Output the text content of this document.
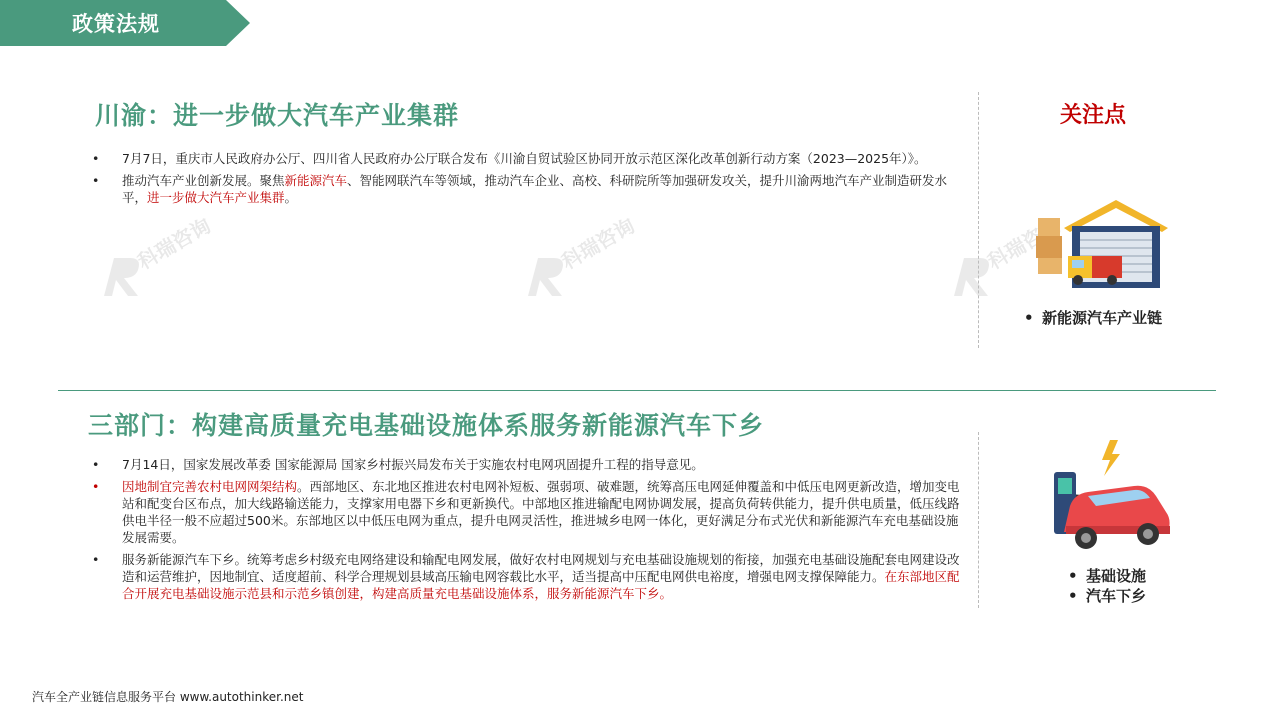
政策法规
科瑞咨询	科瑞咨询	科瑞咨询
川渝：进一步做大汽车产业集群
• 7月7日，重庆市人民政府办公厅、四川省人民政府办公厅联合发布《川渝自贸试验区协同开放示范区深化改革创新行动方案（2023—2025年）》。
• 推动汽车产业创新发展。聚焦新能源汽车、智能网联汽车等领域，推动汽车企业、高校、科研院所等加强研发攻关，提升川渝两地汽车产业制造研发水平，进一步做大汽车产业集群。
关注点
• 新能源汽车产业链
三部门：构建高质量充电基础设施体系服务新能源汽车下乡
• 7月14日，国家发展改革委 国家能源局 国家乡村振兴局发布关于实施农村电网巩固提升工程的指导意见。
• 因地制宜完善农村电网网架结构。西部地区、东北地区推进农村电网补短板、强弱项、破难题，统筹高压电网延伸覆盖和中低压电网更新改造，增加变电站和配变台区布点，加大线路输送能力，支撑家用电器下乡和更新换代。中部地区推进输配电网协调发展，提高负荷转供能力，提升供电质量，低压线路供电半径一般不应超过500米。东部地区以中低压电网为重点，提升电网灵活性，推进城乡电网一体化，更好满足分布式光伏和新能源汽车充电基础设施发展需要。
• 服务新能源汽车下乡。统筹考虑乡村级充电网络建设和输配电网发展，做好农村电网规划与充电基础设施规划的衔接，加强充电基础设施配套电网建设改造和运营维护，因地制宜、适度超前、科学合理规划县域高压输电网容载比水平，适当提高中压配电网供电裕度，增强电网支撑保障能力。在东部地区配合开展充电基础设施示范县和示范乡镇创建，构建高质量充电基础设施体系，服务新能源汽车下乡。
• 基础设施
• 汽车下乡
汽车全产业链信息服务平台 www.autothinker.net
